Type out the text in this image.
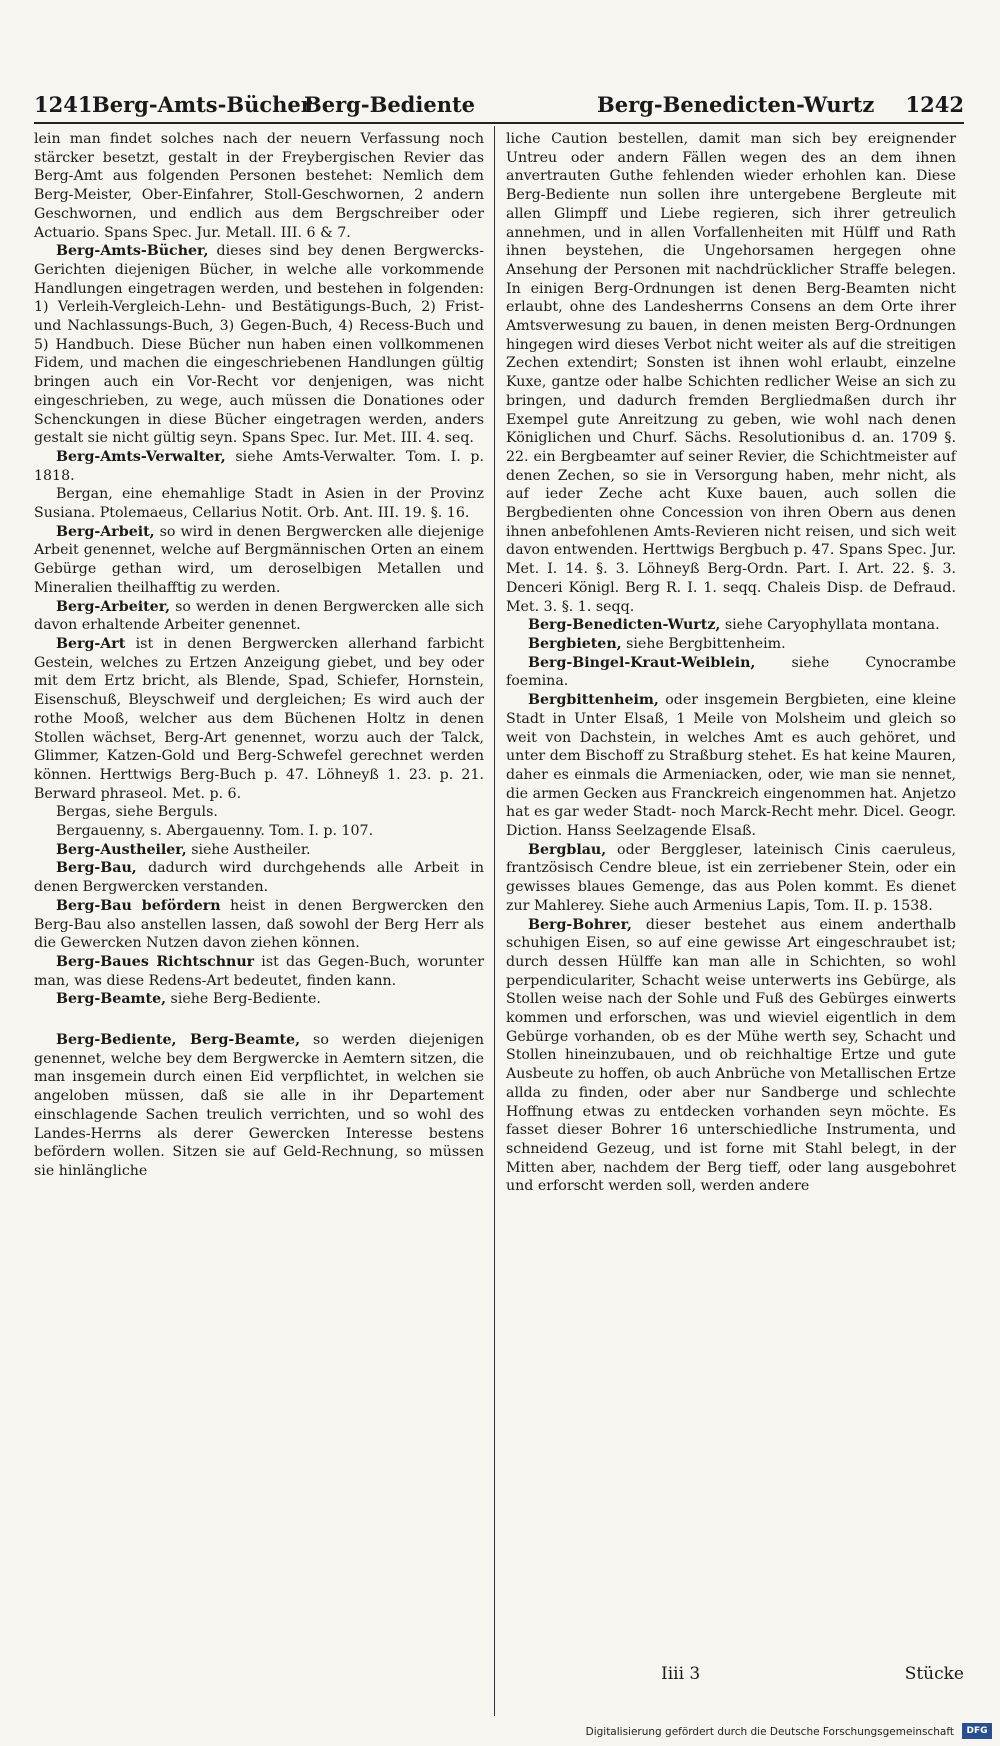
1241 Berg-Amts-Bücher
Berg-Bediente	Berg-Benedicten-Wurtz 1242

lein man findet solches nach der neuern Verfassung noch stärcker besetzt, gestalt in der Freybergischen Revier das Berg-Amt aus folgenden Personen bestehet: Nemlich dem Berg-Meister, Ober-Einfahrer, Stoll-Geschwornen, 2 andern Geschwornen, und endlich aus dem Bergschreiber oder Actuario. Spans Spec. Jur. Metall. III. 6 & 7.

Berg-Amts-Bücher, dieses sind bey denen Bergwercks-Gerichten diejenigen Bücher, in welche alle vorkommende Handlungen eingetragen werden, und bestehen in folgenden: 1) Verleih-Vergleich-Lehn- und Bestätigungs-Buch, 2) Frist- und Nachlassungs-Buch, 3) Gegen-Buch, 4) Recess-Buch und 5) Handbuch. Diese Bücher nun haben einen vollkommenen Fidem, und machen die eingeschriebenen Handlungen gültig bringen auch ein Vor-Recht vor denjenigen, was nicht eingeschrieben, zu wege, auch müssen die Donationes oder Schenckungen in diese Bücher eingetragen werden, anders gestalt sie nicht gültig seyn. Spans Spec. Iur. Met. III. 4. seq.

Berg-Amts-Verwalter, siehe Amts-Verwalter. Tom. I. p. 1818.

Bergan, eine ehemahlige Stadt in Asien in der Provinz Susiana. Ptolemaeus, Cellarius Notit. Orb. Ant. III. 19. §. 16.

Berg-Arbeit, so wird in denen Bergwercken alle diejenige Arbeit genennet, welche auf Bergmännischen Orten an einem Gebürge gethan wird, um deroselbigen Metallen und Mineralien theilhafftig zu werden.

Berg-Arbeiter, so werden in denen Bergwercken alle sich davon erhaltende Arbeiter genennet.

Berg-Art ist in denen Bergwercken allerhand farbicht Gestein, welches zu Ertzen Anzeigung giebet, und bey oder mit dem Ertz bricht, als Blende, Spad, Schiefer, Hornstein, Eisenschuß, Bleyschweif und dergleichen; Es wird auch der rothe Mooß, welcher aus dem Büchenen Holtz in denen Stollen wächset, Berg-Art genennet, worzu auch der Talck, Glimmer, Katzen-Gold und Berg-Schwefel gerechnet werden können. Herttwigs Berg-Buch p. 47. Löhneyß 1. 23. p. 21. Berward phraseol. Met. p. 6.

Bergas, siehe Berguls.

Bergauenny, s. Abergauenny. Tom. I. p. 107.

Berg-Austheiler, siehe Austheiler.

Berg-Bau, dadurch wird durchgehends alle Arbeit in denen Bergwercken verstanden.

Berg-Bau befördern heist in denen Bergwercken den Berg-Bau also anstellen lassen, daß sowohl der Berg Herr als die Gewercken Nutzen davon ziehen können.

Berg-Baues Richtschnur ist das Gegen-Buch, worunter man, was diese Redens-Art bedeutet, finden kann.

Berg-Beamte, siehe Berg-Bediente.

Berg-Bediente, Berg-Beamte, so werden diejenigen genennet, welche bey dem Bergwercke in Aemtern sitzen, die man insgemein durch einen Eid verpflichtet, in welchen sie angeloben müssen, daß sie alle in ihr Departement einschlagende Sachen treulich verrichten, und so wohl des Landes-Herrns als derer Gewercken Interesse bestens befördern wollen. Sitzen sie auf Geld-Rechnung, so müssen sie hinlängliche

liche Caution bestellen, damit man sich bey ereignender Untreu oder andern Fällen wegen des an dem ihnen anvertrauten Guthe fehlenden wieder erhohlen kan. Diese Berg-Bediente nun sollen ihre untergebene Bergleute mit allen Glimpff und Liebe regieren, sich ihrer getreulich annehmen, und in allen Vorfallenheiten mit Hülff und Rath ihnen beystehen, die Ungehorsamen hergegen ohne Ansehung der Personen mit nachdrücklicher Straffe belegen. In einigen Berg-Ordnungen ist denen Berg-Beamten nicht erlaubt, ohne des Landesherrns Consens an dem Orte ihrer Amtsverwesung zu bauen, in denen meisten Berg-Ordnungen hingegen wird dieses Verbot nicht weiter als auf die streitigen Zechen extendirt; Sonsten ist ihnen wohl erlaubt, einzelne Kuxe, gantze oder halbe Schichten redlicher Weise an sich zu bringen, und dadurch fremden Bergliedmaßen durch ihr Exempel gute Anreitzung zu geben, wie wohl nach denen Königlichen und Churf. Sächs. Resolutionibus d. an. 1709 §. 22. ein Bergbeamter auf seiner Revier, die Schichtmeister auf denen Zechen, so sie in Versorgung haben, mehr nicht, als auf ieder Zeche acht Kuxe bauen, auch sollen die Bergbedienten ohne Concession von ihren Obern aus denen ihnen anbefohlenen Amts-Revieren nicht reisen, und sich weit davon entwenden. Herttwigs Bergbuch p. 47. Spans Spec. Jur. Met. I. 14. §. 3. Löhneyß Berg-Ordn. Part. I. Art. 22. §. 3. Denceri Königl. Berg R. I. 1. seqq. Chaleis Disp. de Defraud. Met. 3. §. 1. seqq.

Berg-Benedicten-Wurtz, siehe Caryophyllata montana.

Bergbieten, siehe Bergbittenheim.

Berg-Bingel-Kraut-Weiblein, siehe Cynocrambe foemina.

Bergbittenheim, oder insgemein Bergbieten, eine kleine Stadt in Unter Elsaß, 1 Meile von Molsheim und gleich so weit von Dachstein, in welches Amt es auch gehöret, und unter dem Bischoff zu Straßburg stehet. Es hat keine Mauren, daher es einmals die Armeniacken, oder, wie man sie nennet, die armen Gecken aus Franckreich eingenommen hat. Anjetzo hat es gar weder Stadt- noch Marck-Recht mehr. Dicel. Geogr. Diction. Hanss Seelzagende Elsaß.

Bergblau, oder Berggleser, lateinisch Cinis caeruleus, frantzösisch Cendre bleue, ist ein zerriebener Stein, oder ein gewisses blaues Gemenge, das aus Polen kommt. Es dienet zur Mahlerey. Siehe auch Armenius Lapis, Tom. II. p. 1538.

Berg-Bohrer, dieser bestehet aus einem anderthalb schuhigen Eisen, so auf eine gewisse Art eingeschraubet ist; durch dessen Hülffe kan man alle in Schichten, so wohl perpendiculariter, Schacht weise unterwerts ins Gebürge, als Stollen weise nach der Sohle und Fuß des Gebürges einwerts kommen und erforschen, was und wieviel eigentlich in dem Gebürge vorhanden, ob es der Mühe werth sey, Schacht und Stollen hineinzubauen, und ob reichhaltige Ertze und gute Ausbeute zu hoffen, ob auch Anbrüche von Metallischen Ertze allda zu finden, oder aber nur Sandberge und schlechte Hoffnung etwas zu entdecken vorhanden seyn möchte. Es fasset dieser Bohrer 16 unterschiedliche Instrumenta, und schneidend Gezeug, und ist forne mit Stahl belegt, in der Mitten aber, nachdem der Berg tieff, oder lang ausgebohret und erforscht werden soll, werden andere

Iiii 3	Stücke
Digitalisierung gefördert durch die Deutsche Forschungsgemeinschaft	DFG
